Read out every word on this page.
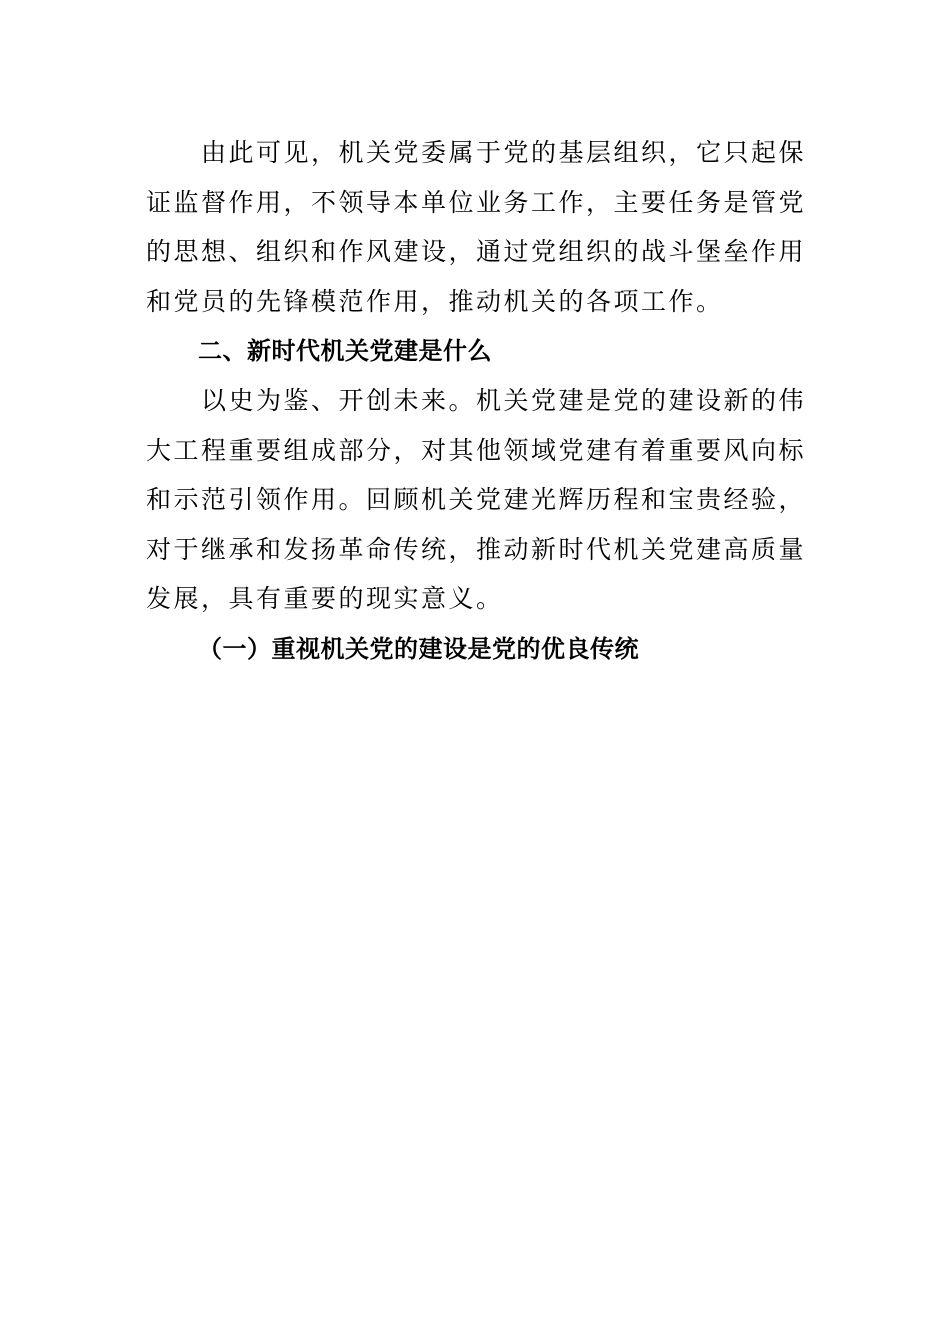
由此可见，机关党委属于党的基层组织，它只起保证监督作用，不领导本单位业务工作，主要任务是管党的思想、组织和作风建设，通过党组织的战斗堡垒作用和党员的先锋模范作用，推动机关的各项工作。

二、新时代机关党建是什么

以史为鉴、开创未来。机关党建是党的建设新的伟大工程重要组成部分，对其他领域党建有着重要风向标和示范引领作用。回顾机关党建光辉历程和宝贵经验，对于继承和发扬革命传统，推动新时代机关党建高质量发展，具有重要的现实意义。

（一）重视机关党的建设是党的优良传统
